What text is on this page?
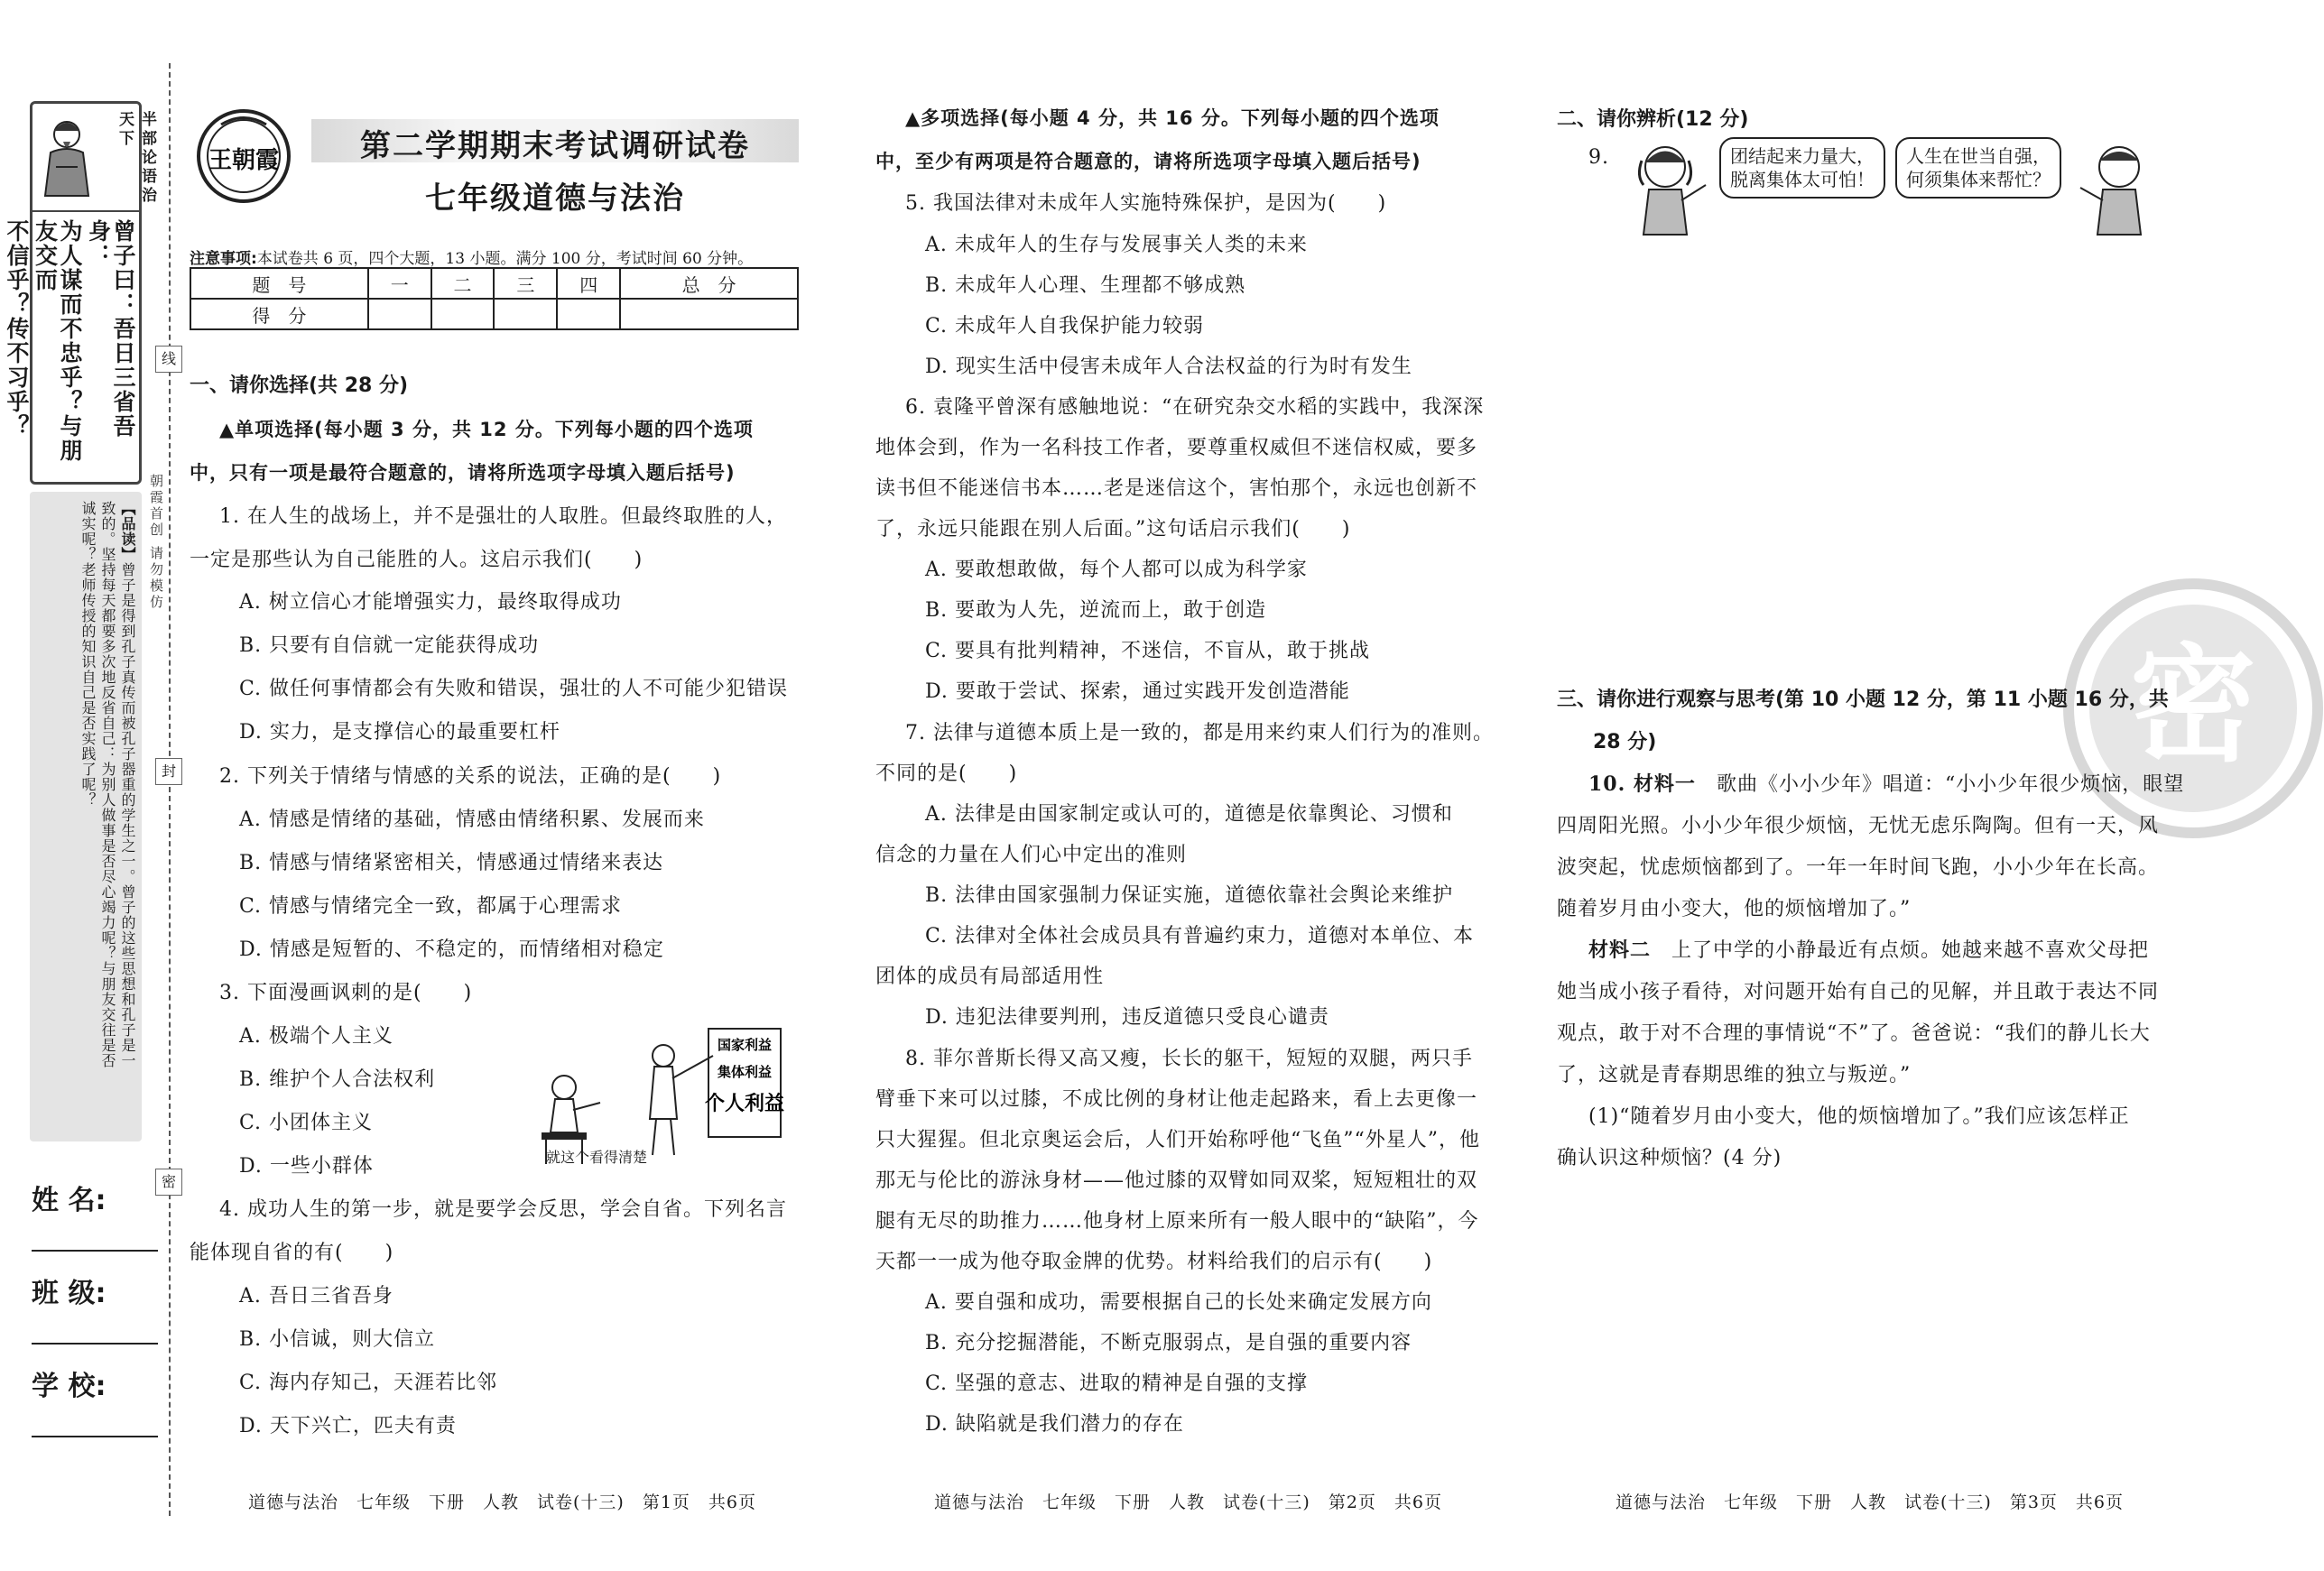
半部论语治天下
曾子曰：吾日三省吾身：
为人谋而不忠乎？与朋友交而
不信乎？传不习乎？
【品读】曾子是得到孔子真传而被孔子器重的学生之一。曾子的这些思想和孔子是一
致的。坚持每天都要多次地反省自己：为别人做事是否尽心竭力呢？与朋友交往是否
诚实呢？老师传授的知识自己是否实践了呢？
姓 名:
班 级:
学 校:
线
封
密
朝霞首创 请勿模仿
王朝霞	第二学期期末考试调研试卷
七年级道德与法治
注意事项:本试卷共 6 页，四个大题，13 小题。满分 100 分，考试时间 60 分钟。
题　号	一	二	三	四	总　分
得　分					
一、请你选择(共 28 分)
▲单项选择(每小题 3 分，共 12 分。下列每小题的四个选项
中，只有一项是最符合题意的，请将所选项字母填入题后括号)
1. 在人生的战场上，并不是强壮的人取胜。但最终取胜的人，
一定是那些认为自己能胜的人。这启示我们(　　)
A. 树立信心才能增强实力，最终取得成功
B. 只要有自信就一定能获得成功
C. 做任何事情都会有失败和错误，强壮的人不可能少犯错误
D. 实力，是支撑信心的最重要杠杆
2. 下列关于情绪与情感的关系的说法，正确的是(　　)
A. 情感是情绪的基础，情感由情绪积累、发展而来
B. 情感与情绪紧密相关，情感通过情绪来表达
C. 情感与情绪完全一致，都属于心理需求
D. 情感是短暂的、不稳定的，而情绪相对稳定
3. 下面漫画讽刺的是(　　)
A. 极端个人主义
B. 维护个人合法权利
C. 小团体主义
D. 一些小群体
国家利益
集体利益
个人利益
就这个看得清楚
4. 成功人生的第一步，就是要学会反思，学会自省。下列名言
能体现自省的有(　　)
A. 吾日三省吾身
B. 小信诚，则大信立
C. 海内存知己，天涯若比邻
D. 天下兴亡，匹夫有责
道德与法治　七年级　下册　人教　试卷(十三)　第1页　共6页
▲多项选择(每小题 4 分，共 16 分。下列每小题的四个选项
中，至少有两项是符合题意的，请将所选项字母填入题后括号)
5. 我国法律对未成年人实施特殊保护，是因为(　　)
A. 未成年人的生存与发展事关人类的未来
B. 未成年人心理、生理都不够成熟
C. 未成年人自我保护能力较弱
D. 现实生活中侵害未成年人合法权益的行为时有发生
6. 袁隆平曾深有感触地说：“在研究杂交水稻的实践中，我深深
地体会到，作为一名科技工作者，要尊重权威但不迷信权威，要多
读书但不能迷信书本……老是迷信这个，害怕那个，永远也创新不
了，永远只能跟在别人后面。”这句话启示我们(　　)
A. 要敢想敢做，每个人都可以成为科学家
B. 要敢为人先，逆流而上，敢于创造
C. 要具有批判精神，不迷信，不盲从，敢于挑战
D. 要敢于尝试、探索，通过实践开发创造潜能
7. 法律与道德本质上是一致的，都是用来约束人们行为的准则。
不同的是(　　)
A. 法律是由国家制定或认可的，道德是依靠舆论、习惯和
信念的力量在人们心中定出的准则
B. 法律由国家强制力保证实施，道德依靠社会舆论来维护
C. 法律对全体社会成员具有普遍约束力，道德对本单位、本
团体的成员有局部适用性
D. 违犯法律要判刑，违反道德只受良心谴责
8. 菲尔普斯长得又高又瘦，长长的躯干，短短的双腿，两只手
臂垂下来可以过膝，不成比例的身材让他走起路来，看上去更像一
只大猩猩。但北京奥运会后，人们开始称呼他“飞鱼”“外星人”，他
那无与伦比的游泳身材——他过膝的双臂如同双桨，短短粗壮的双
腿有无尽的助推力……他身材上原来所有一般人眼中的“缺陷”，今
天都一一成为他夺取金牌的优势。材料给我们的启示有(　　)
A. 要自强和成功，需要根据自己的长处来确定发展方向
B. 充分挖掘潜能，不断克服弱点，是自强的重要内容
C. 坚强的意志、进取的精神是自强的支撑
D. 缺陷就是我们潜力的存在
道德与法治　七年级　下册　人教　试卷(十三)　第2页　共6页
二、请你辨析(12 分)
9.	团结起来力量大，
脱离集体太可怕！
人生在世当自强，
何须集体来帮忙？
密
三、请你进行观察与思考(第 10 小题 12 分，第 11 小题 16 分，共
28 分)
10. 材料一　 歌曲《小小少年》唱道：“小小少年很少烦恼，眼望
四周阳光照。小小少年很少烦恼，无忧无虑乐陶陶。但有一天，风
波突起，忧虑烦恼都到了。一年一年时间飞跑，小小少年在长高。
随着岁月由小变大，他的烦恼增加了。”
材料二　 上了中学的小静最近有点烦。她越来越不喜欢父母把
她当成小孩子看待，对问题开始有自己的见解，并且敢于表达不同
观点，敢于对不合理的事情说“不”了。爸爸说：“我们的静儿长大
了，这就是青春期思维的独立与叛逆。”
(1)“随着岁月由小变大，他的烦恼增加了。”我们应该怎样正
确认识这种烦恼？(4 分)
道德与法治　七年级　下册　人教　试卷(十三)　第3页　共6页
